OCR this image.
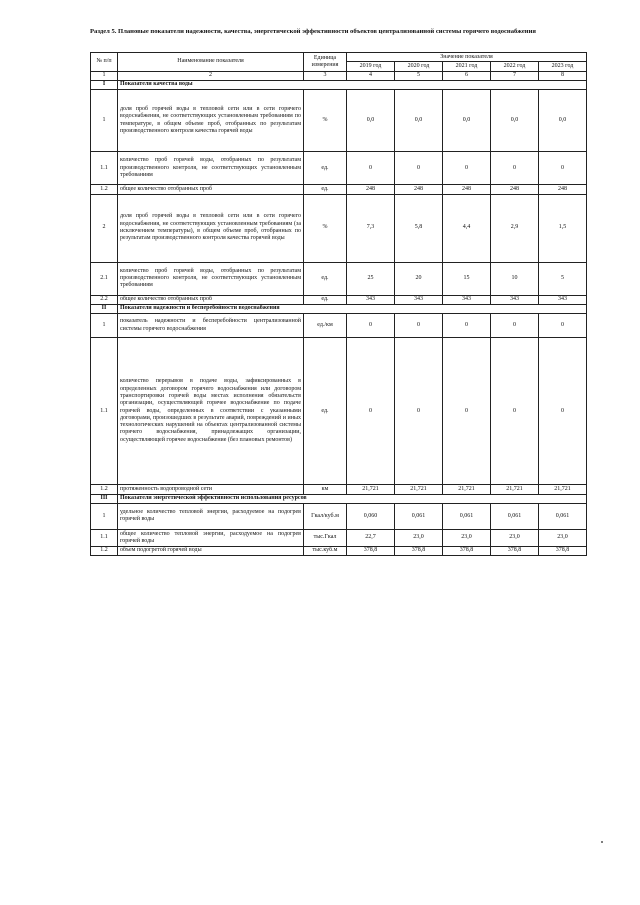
Раздел 5. Плановые показатели надежности, качества, энергетической эффективности объектов централизованной системы горячего водоснабжения
№ п/п	Наименование показателя	Единица измерения	Значение показателя				
			2019 год	2020 год	2021 год	2022 год	2023 год
1	2	3	4	5	6	7	8
I	Показатели качества воды						
1	доля проб горячей воды в тепловой сети или в сети горячего водоснабжения, не соответствующих установленным требованиям по температуре, в общем объеме проб, отобранных по результатам производственного контроля качества горячей воды	%	0,0	0,0	0,0	0,0	0,0
1.1	количество проб горячей воды, отобранных по результатам производственного контроля, не соответствующих установленным требованиям	ед.	0	0	0	0	0
1.2	общее количество отобранных проб	ед.	248	248	248	248	248
2	доля проб горячей воды в тепловой сети или в сети горячего водоснабжения, не соответствующих установленным требованиям (за исключением температуры), в общем объеме проб, отобранных по результатам производственного контроля качества горячей воды	%	7,3	5,8	4,4	2,9	1,5
2.1	количество проб горячей воды, отобранных по результатам производственного контроля, не соответствующих установленным требованиям	ед.	25	20	15	10	5
2.2	общее количество отобранных проб	ед.	343	343	343	343	343
II	Показатели надежности и бесперебойности водоснабжения						
1	показатель надежности и бесперебойности централизованной системы горячего водоснабжения	ед./км	0	0	0	0	0
1.1	количество перерывов в подаче воды, зафиксированных в определенных договором горячего водоснабжения или договором транспортировки горячей воды местах исполнения обязательств организации, осуществляющей горячее водоснабжение по подаче горячей воды, определенных в соответствии с указанными договорами, произошедших в результате аварий, повреждений и иных технологических нарушений на объектах централизованной системы горячего водоснабжения, принадлежащих организации, осуществляющей горячее водоснабжение (без плановых ремонтов)	ед.	0	0	0	0	0
1.2	протяженность водопроводной сети	км	21,721	21,721	21,721	21,721	21,721
III	Показатели энергетической эффективности использования ресурсов						
1	удельное количество тепловой энергии, расходуемое на подогрев горячей воды	Гкал/куб.м	0,060	0,061	0,061	0,061	0,061
1.1	общее количество тепловой энергии, расходуемое на подогрев горячей воды	тыс.Гкал	22,7	23,0	23,0	23,0	23,0
1.2	объем подогретой горячей воды	тыс.куб.м	378,8	378,8	378,8	378,8	378,8
